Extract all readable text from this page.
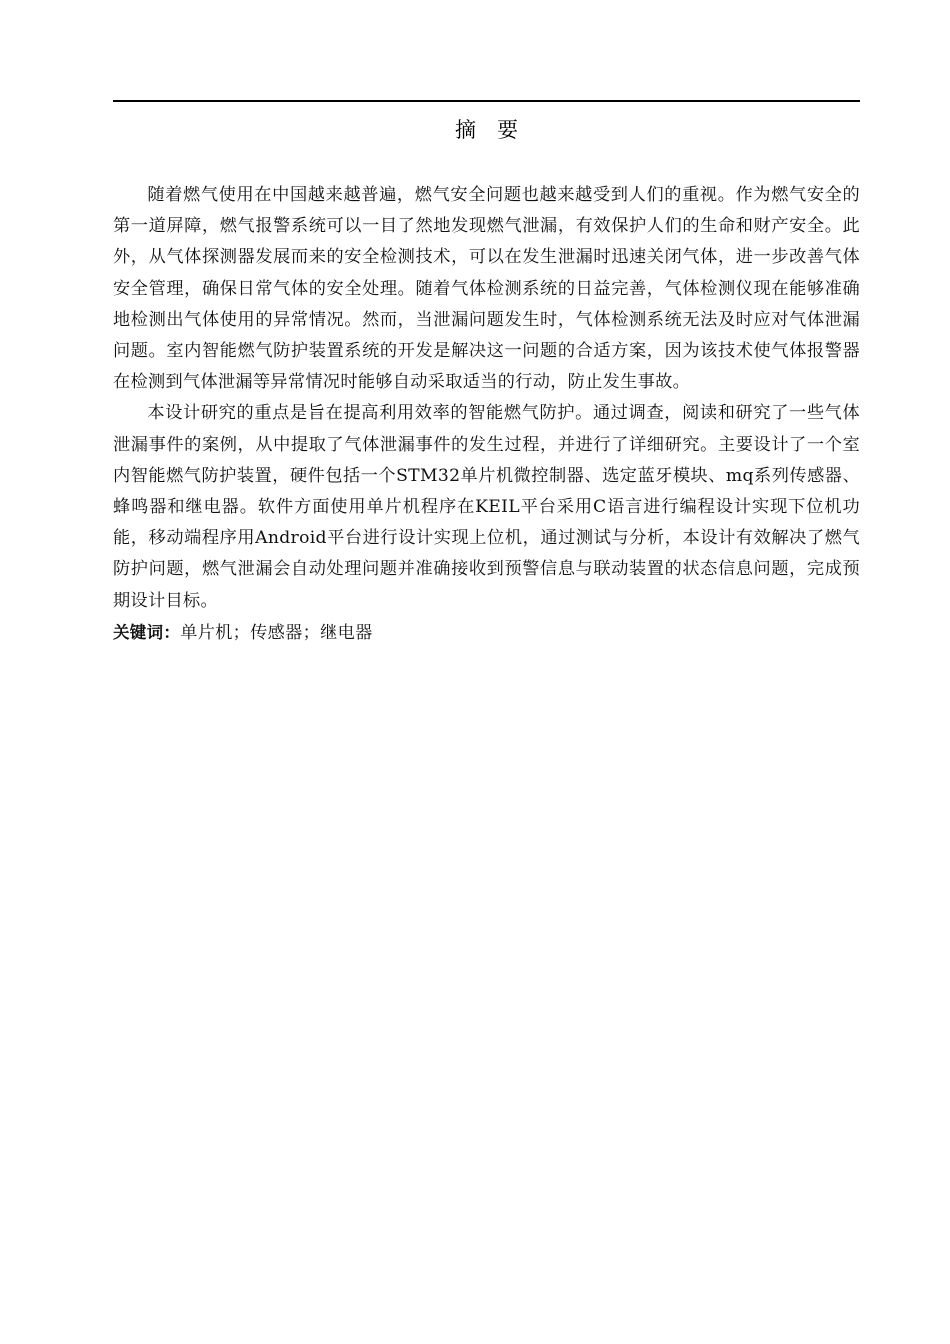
摘　要

随着燃气使用在中国越来越普遍，燃气安全问题也越来越受到人们的重视。作为燃气安全的第一道屏障，燃气报警系统可以一目了然地发现燃气泄漏，有效保护人们的生命和财产安全。此外，从气体探测器发展而来的安全检测技术，可以在发生泄漏时迅速关闭气体，进一步改善气体安全管理，确保日常气体的安全处理。随着气体检测系统的日益完善，气体检测仪现在能够准确地检测出气体使用的异常情况。然而，当泄漏问题发生时，气体检测系统无法及时应对气体泄漏问题。室内智能燃气防护装置系统的开发是解决这一问题的合适方案，因为该技术使气体报警器在检测到气体泄漏等异常情况时能够自动采取适当的行动，防止发生事故。

本设计研究的重点是旨在提高利用效率的智能燃气防护。通过调查，阅读和研究了一些气体泄漏事件的案例，从中提取了气体泄漏事件的发生过程，并进行了详细研究。主要设计了一个室内智能燃气防护装置，硬件包括一个STM32单片机微控制器、选定蓝牙模块、mq系列传感器、蜂鸣器和继电器。软件方面使用单片机程序在KEIL平台采用C语言进行编程设计实现下位机功能，移动端程序用Android平台进行设计实现上位机，通过测试与分析，本设计有效解决了燃气防护问题，燃气泄漏会自动处理问题并准确接收到预警信息与联动装置的状态信息问题，完成预期设计目标。

关键词：单片机；传感器；继电器
